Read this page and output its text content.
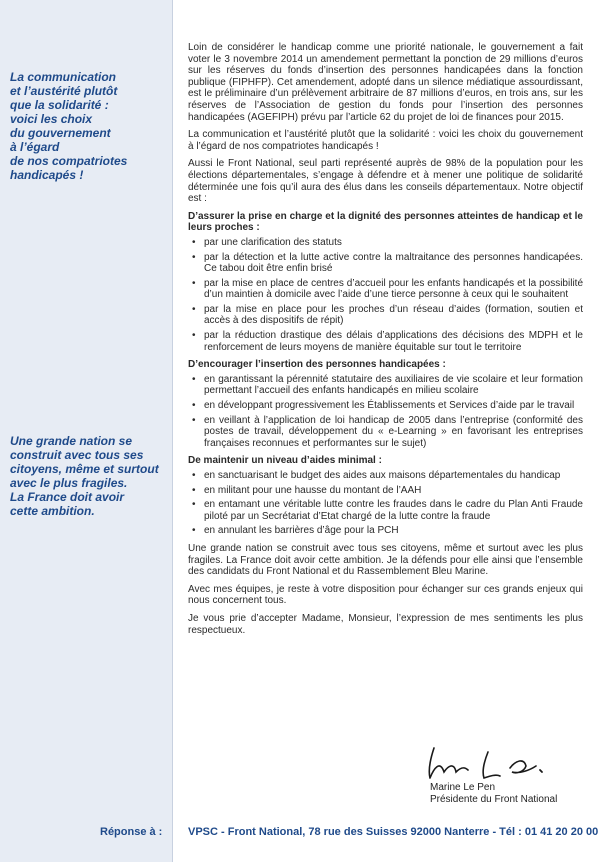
La communication
et l’austérité plutôt
que la solidarité :
voici les choix
du gouvernement
à l’égard
de nos compatriotes
handicapés !
Une grande nation se
construit avec tous ses
citoyens, même et surtout
avec le plus fragiles.
La France doit avoir
cette ambition.

Loin de considérer le handicap comme une priorité nationale, le gouvernement a fait voter le 3 novembre 2014 un amendement permettant la ponction de 29 millions d’euros sur les réserves du fonds d’insertion des personnes handicapées dans la fonction publique (FIPHFP). Cet amendement, adopté dans un silence médiatique assourdissant, est le préliminaire d’un prélèvement arbitraire de 87 millions d’euros, en trois ans, sur les réserves de l’Association de gestion du fonds pour l’insertion des personnes handicapées (AGEFIPH) prévu par l’article 62 du projet de loi de finances pour 2015.

La communication et l’austérité plutôt que la solidarité : voici les choix du gouvernement à l’égard de nos compatriotes handicapés !

Aussi le Front National, seul parti représenté auprès de 98% de la population pour les élections départementales, s’engage à défendre et à mener une politique de solidarité déterminée une fois qu’il aura des élus dans les conseils départementaux. Notre objectif est :

D’assurer la prise en charge et la dignité des personnes atteintes de handicap et le leurs proches :
• par une clarification des statuts
• par la détection et la lutte active contre la maltraitance des personnes handicapées. Ce tabou doit être enfin brisé
• par la mise en place de centres d’accueil pour les enfants handicapés et la possibilité d’un maintien à domicile avec l’aide d’une tierce personne à ceux qui le souhaitent
• par la mise en place pour les proches d’un réseau d’aides (formation, soutien et accès à des dispositifs de répit)
• par la réduction drastique des délais d’applications des décisions des MDPH et le renforcement de leurs moyens de manière équitable sur tout le territoire
D’encourager l’insertion des personnes handicapées :
• en garantissant la pérennité statutaire des auxiliaires de vie scolaire et leur formation permettant l’accueil des enfants handicapés en milieu scolaire
• en développant progressivement les Établissements et Services d’aide par le travail
• en veillant à l’application de loi handicap de 2005 dans l’entreprise (conformité des postes de travail, développement du « e-Learning » en favorisant les entreprises françaises reconnues et performantes sur le sujet)
De maintenir un niveau d’aides minimal :
• en sanctuarisant le budget des aides aux maisons départementales du handicap
• en militant pour une hausse du montant de l’AAH
• en entamant une véritable lutte contre les fraudes dans le cadre du Plan Anti Fraude piloté par un Secrétariat d’Etat chargé de la lutte contre la fraude
• en annulant les barrières d’âge pour la PCH

Une grande nation se construit avec tous ses citoyens, même et surtout avec les plus fragiles. La France doit avoir cette ambition. Je la défends pour elle ainsi que l’ensemble des candidats du Front National et du Rassemblement Bleu Marine.

Avec mes équipes, je reste à votre disposition pour échanger sur ces grands enjeux qui nous concernent tous.

Je vous prie d’accepter Madame, Monsieur, l’expression de mes sentiments les plus respectueux.

Marine Le Pen
Présidente du Front National
Réponse à : VPSC - Front National, 78 rue des Suisses 92000 Nanterre - Tél : 01 41 20 20 00
